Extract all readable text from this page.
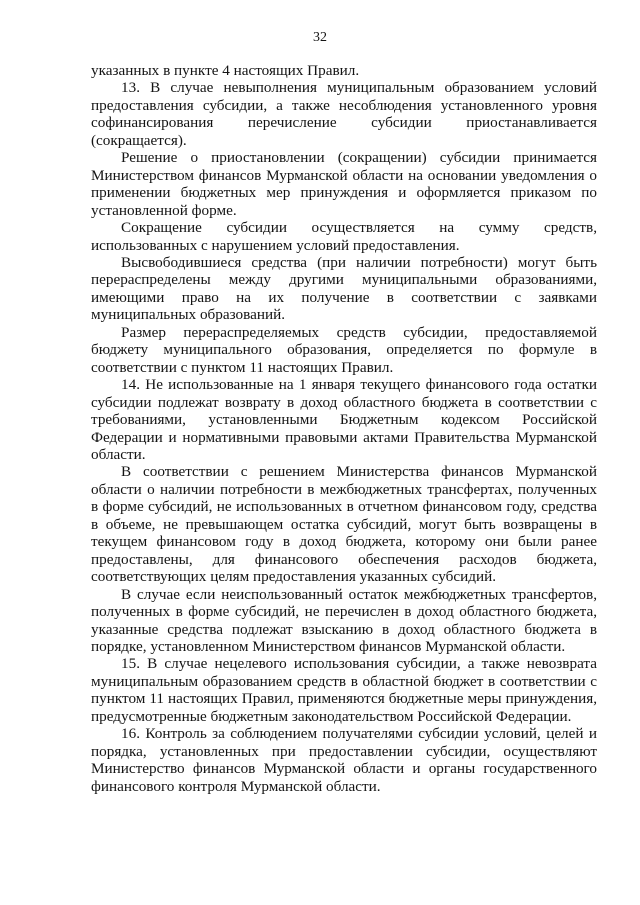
32

указанных в пункте 4 настоящих Правил.

13. В случае невыполнения муниципальным образованием условий предоставления субсидии, а также несоблюдения установленного уровня софинансирования перечисление субсидии приостанавливается (сокращается).

Решение о приостановлении (сокращении) субсидии принимается Министерством финансов Мурманской области на основании уведомления о применении бюджетных мер принуждения и оформляется приказом по установленной форме.

Сокращение субсидии осуществляется на сумму средств, использованных с нарушением условий предоставления.

Высвободившиеся средства (при наличии потребности) могут быть перераспределены между другими муниципальными образованиями, имеющими право на их получение в соответствии с заявками муниципальных образований.

Размер перераспределяемых средств субсидии, предоставляемой бюджету муниципального образования, определяется по формуле в соответствии с пунктом 11 настоящих Правил.

14. Не использованные на 1 января текущего финансового года остатки субсидии подлежат возврату в доход областного бюджета в соответствии с требованиями, установленными Бюджетным кодексом Российской Федерации и нормативными правовыми актами Правительства Мурманской области.

В соответствии с решением Министерства финансов Мурманской области о наличии потребности в межбюджетных трансфертах, полученных в форме субсидий, не использованных в отчетном финансовом году, средства в объеме, не превышающем остатка субсидий, могут быть возвращены в текущем финансовом году в доход бюджета, которому они были ранее предоставлены, для финансового обеспечения расходов бюджета, соответствующих целям предоставления указанных субсидий.

В случае если неиспользованный остаток межбюджетных трансфертов, полученных в форме субсидий, не перечислен в доход областного бюджета, указанные средства подлежат взысканию в доход областного бюджета в порядке, установленном Министерством финансов Мурманской области.

15. В случае нецелевого использования субсидии, а также невозврата муниципальным образованием средств в областной бюджет в соответствии с пунктом 11 настоящих Правил, применяются бюджетные меры принуждения, предусмотренные бюджетным законодательством Российской Федерации.

16. Контроль за соблюдением получателями субсидии условий, целей и порядка, установленных при предоставлении субсидии, осуществляют Министерство финансов Мурманской области и органы государственного финансового контроля Мурманской области.
